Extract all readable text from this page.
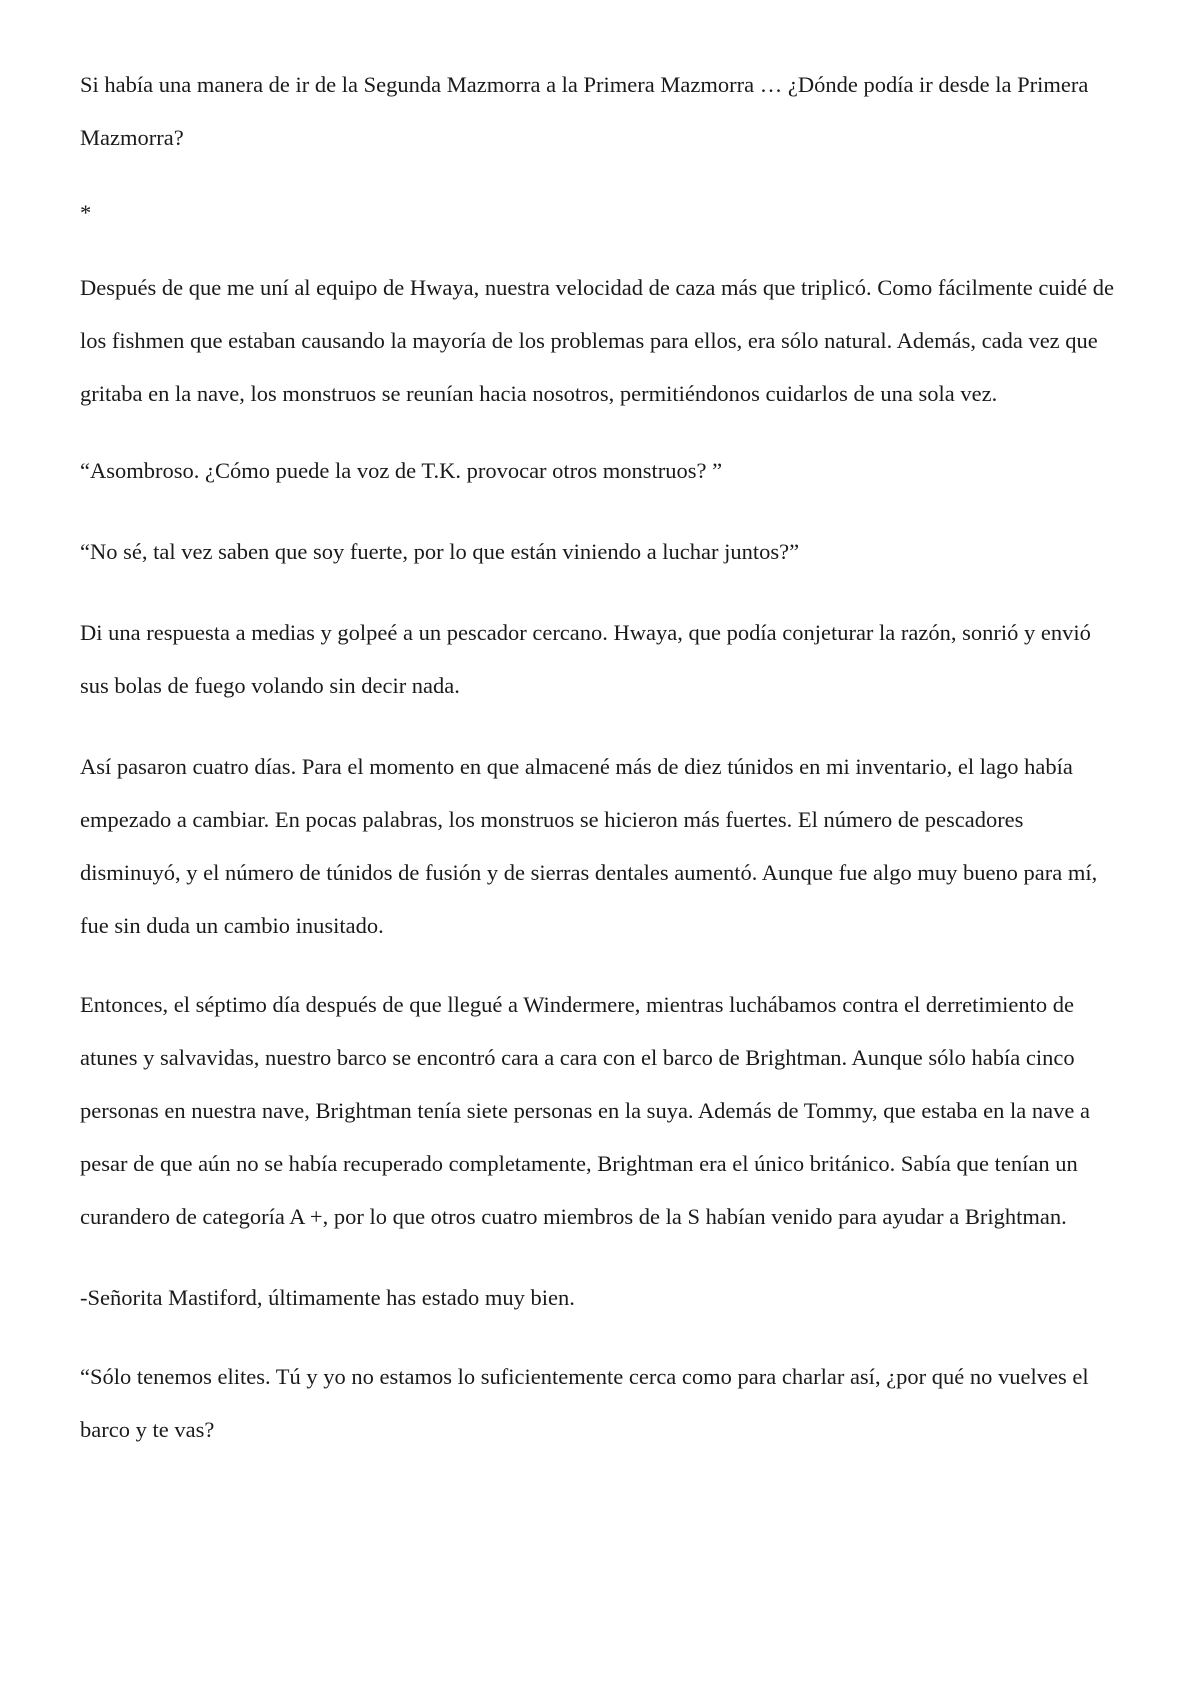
Si había una manera de ir de la Segunda Mazmorra a la Primera Mazmorra … ¿Dónde podía ir desde la Primera Mazmorra?

*

Después de que me uní al equipo de Hwaya, nuestra velocidad de caza más que triplicó. Como fácilmente cuidé de los fishmen que estaban causando la mayoría de los problemas para ellos, era sólo natural. Además, cada vez que gritaba en la nave, los monstruos se reunían hacia nosotros, permitiéndonos cuidarlos de una sola vez.

“Asombroso. ¿Cómo puede la voz de T.K. provocar otros monstruos? ”

“No sé, tal vez saben que soy fuerte, por lo que están viniendo a luchar juntos?”

Di una respuesta a medias y golpeé a un pescador cercano. Hwaya, que podía conjeturar la razón, sonrió y envió sus bolas de fuego volando sin decir nada.

Así pasaron cuatro días. Para el momento en que almacené más de diez túnidos en mi inventario, el lago había empezado a cambiar. En pocas palabras, los monstruos se hicieron más fuertes. El número de pescadores disminuyó, y el número de túnidos de fusión y de sierras dentales aumentó. Aunque fue algo muy bueno para mí, fue sin duda un cambio inusitado.

Entonces, el séptimo día después de que llegué a Windermere, mientras luchábamos contra el derretimiento de atunes y salvavidas, nuestro barco se encontró cara a cara con el barco de Brightman. Aunque sólo había cinco personas en nuestra nave, Brightman tenía siete personas en la suya. Además de Tommy, que estaba en la nave a pesar de que aún no se había recuperado completamente, Brightman era el único británico. Sabía que tenían un curandero de categoría A +, por lo que otros cuatro miembros de la S habían venido para ayudar a Brightman.

-Señorita Mastiford, últimamente has estado muy bien.

“Sólo tenemos elites. Tú y yo no estamos lo suficientemente cerca como para charlar así, ¿por qué no vuelves el barco y te vas?
